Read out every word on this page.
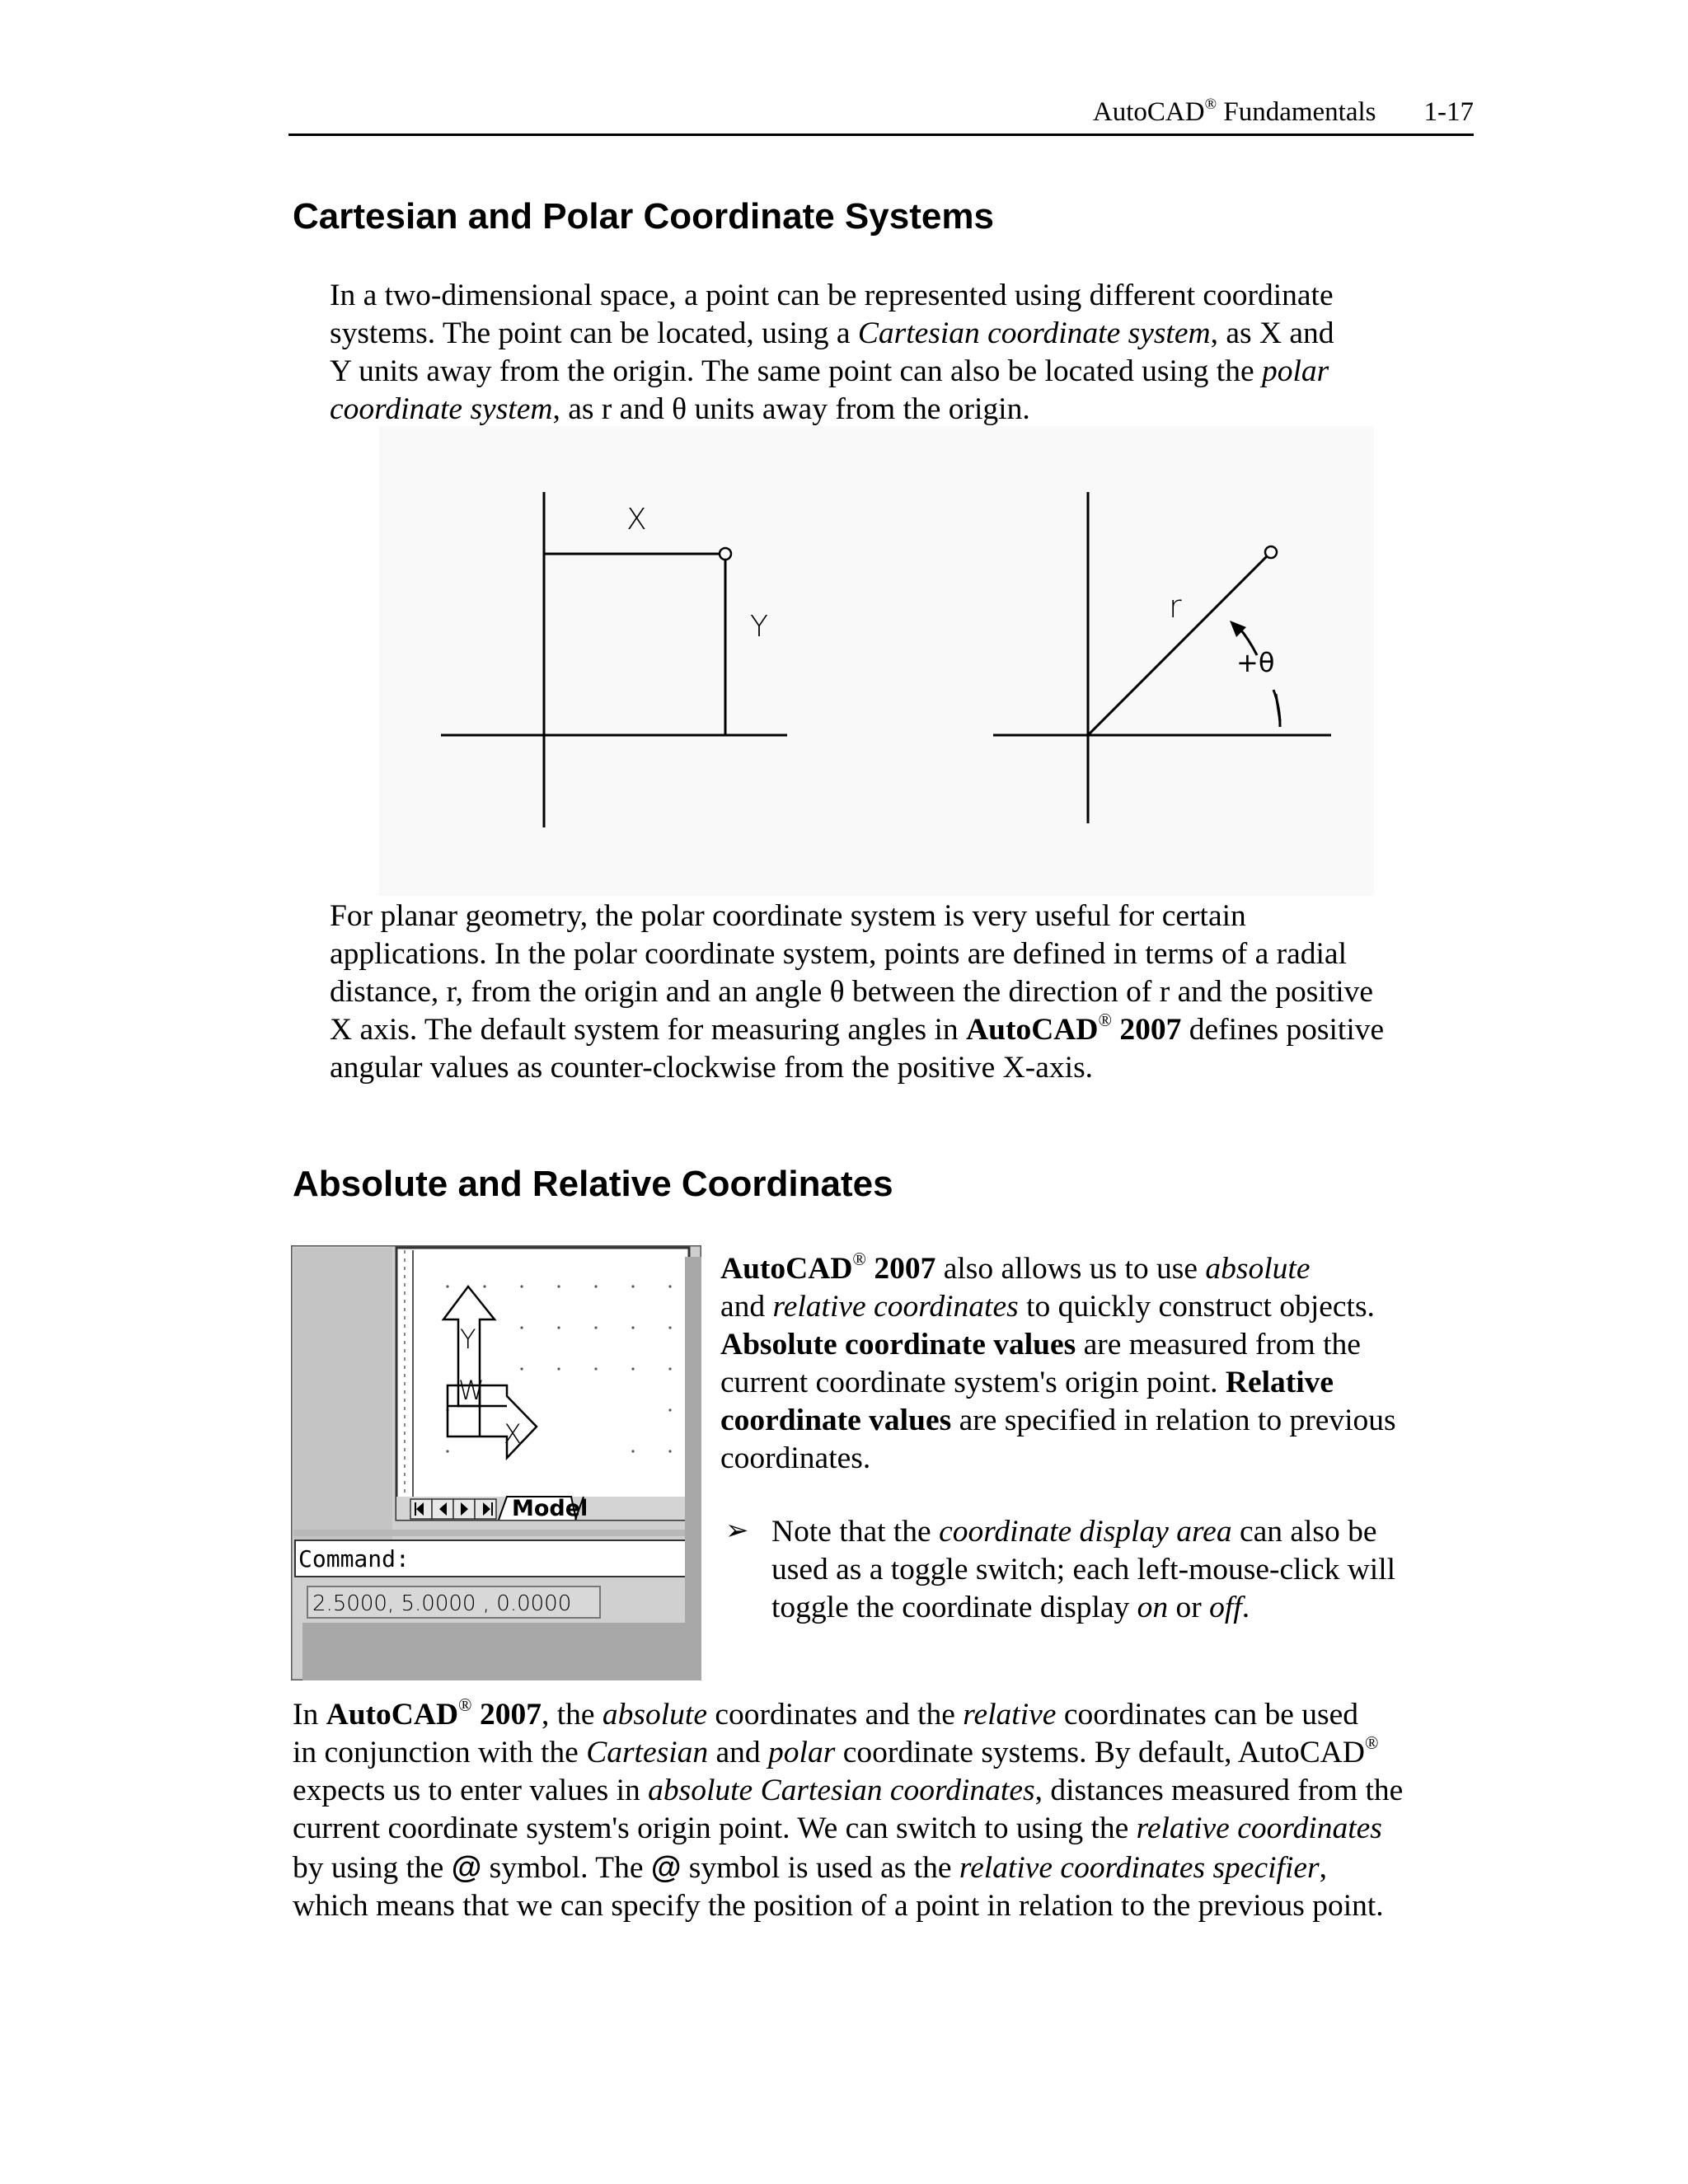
AutoCAD® Fundamentals 1-17
Cartesian and Polar Coordinate Systems

In a two-dimensional space, a point can be represented using different coordinate

systems. The point can be located, using a Cartesian coordinate system, as X and

Y units away from the origin. The same point can also be located using the polar

coordinate system, as r and θ units away from the origin.

X
Y
r
+θ

For planar geometry, the polar coordinate system is very useful for certain

applications. In the polar coordinate system, points are defined in terms of a radial

distance, r, from the origin and an angle θ between the direction of r and the positive

X axis. The default system for measuring angles in AutoCAD® 2007 defines positive

angular values as counter-clockwise from the positive X-axis.

Absolute and Relative Coordinates
Y
W
X
Model
Command:
2.5000, 5.0000 , 0.0000

AutoCAD® 2007 also allows us to use absolute

and relative coordinates to quickly construct objects.

Absolute coordinate values are measured from the

current coordinate system's origin point. Relative

coordinate values are specified in relation to previous

coordinates.

➢ Note that the coordinate display area can also be

used as a toggle switch; each left-mouse-click will

toggle the coordinate display on or off.

In AutoCAD® 2007, the absolute coordinates and the relative coordinates can be used

in conjunction with the Cartesian and polar coordinate systems. By default, AutoCAD®

expects us to enter values in absolute Cartesian coordinates, distances measured from the

current coordinate system's origin point. We can switch to using the relative coordinates

by using the @ symbol. The @ symbol is used as the relative coordinates specifier,

which means that we can specify the position of a point in relation to the previous point.
